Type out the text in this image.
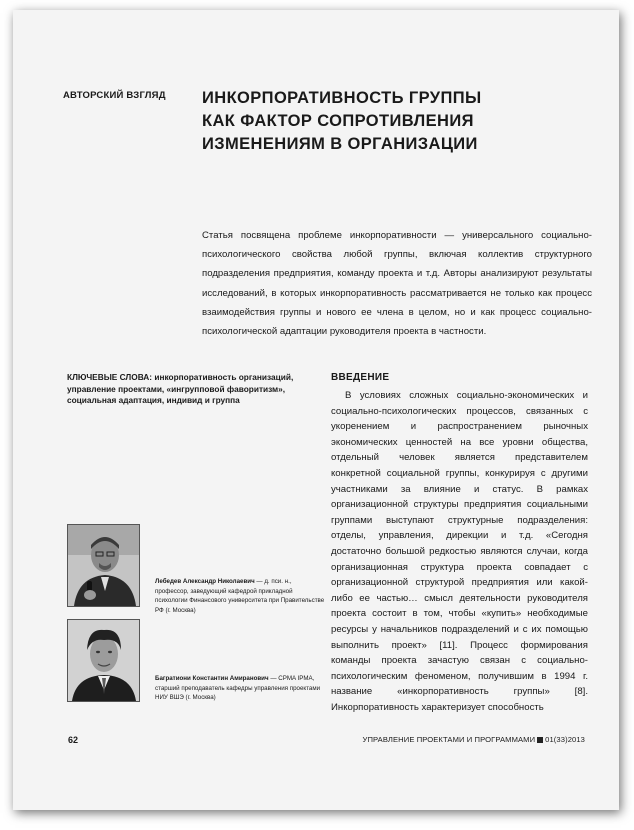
АВТОРСКИЙ ВЗГЛЯД ИНКОРПОРАТИВНОСТЬ ГРУППЫ
КАК ФАКТОР СОПРОТИВЛЕНИЯ
ИЗМЕНЕНИЯМ В ОРГАНИЗАЦИИ

Статья посвящена проблеме инкорпоративности — универсального социально-психологического свойства любой группы, включая коллектив структурного подразделения предприятия, команду проекта и т.д. Авторы анализируют результаты исследований, в которых инкорпоративность рассматривается не только как процесс взаимодействия группы и нового ее члена в целом, но и как процесс социально-психологической адаптации руководителя проекта в частности.

КЛЮЧЕВЫЕ СЛОВА: инкорпоративность организаций, управление проектами, «ингрупповой фаворитизм», социальная адаптация, индивид и группа

Лебедев Александр Николаевич — д. пси. н., профессор, заведующий кафедрой прикладной психологии Финансового университета при Правительстве РФ (г. Москва)

Багратиони Константин Амиранович — CPMA IPMA, старший преподаватель кафедры управления проектами НИУ ВШЭ (г. Москва)

ВВЕДЕНИЕ

В условиях сложных социально-экономических и социально-психологических процессов, связанных с укоренением и распространением рыночных экономических ценностей на все уровни общества, отдельный человек является представителем конкретной социальной группы, конкурируя с другими участниками за влияние и статус. В рамках организационной структуры предприятия социальными группами выступают структурные подразделения: отделы, управления, дирекции и т.д. «Сегодня достаточно большой редкостью являются случаи, когда организационная структура проекта совпадает с организационной структурой предприятия или какой-либо ее частью… смысл деятельности руководителя проекта состоит в том, чтобы «купить» необходимые ресурсы у начальников подразделений и с их помощью выполнить проект» [11]. Процесс формирования команды проекта зачастую связан с социально-психологическим феноменом, получившим в 1994 г. название «инкорпоративность группы» [8]. Инкорпоративность характеризует способность

62	УПРАВЛЕНИЕ ПРОЕКТАМИ И ПРОГРАММАМИ 01(33)2013
